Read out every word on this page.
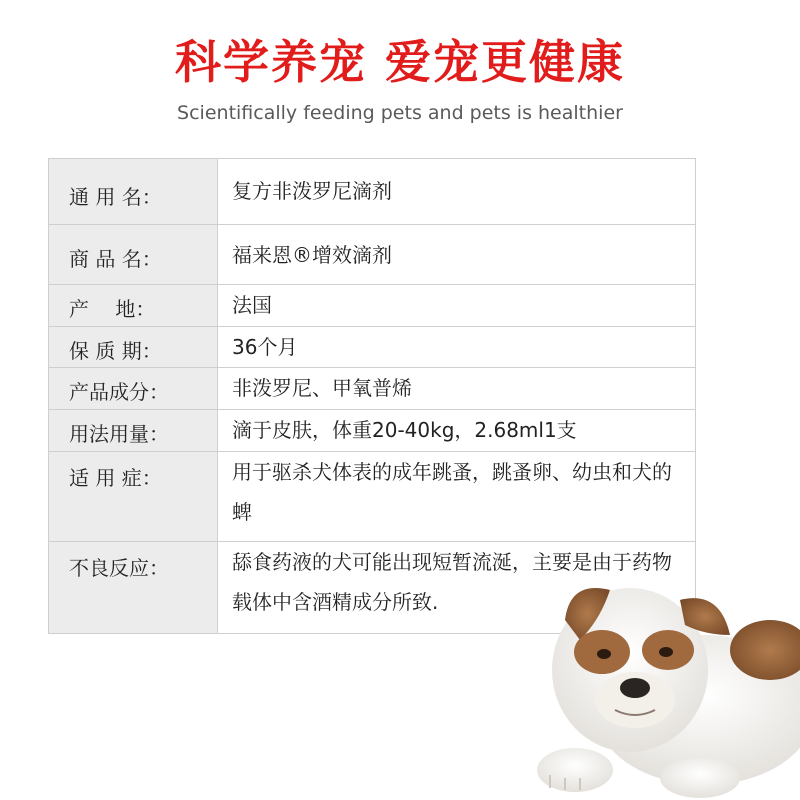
科学养宠 爱宠更健康
Scientifically feeding pets and pets is healthier
通 用 名：	复方非泼罗尼滴剂
商 品 名：	福来恩®增效滴剂
产　 地：	法国
保 质 期：	36个月
产品成分：	非泼罗尼、甲氧普烯
用法用量：	滴于皮肤，体重20-40kg，2.68ml1支
适 用 症：	用于驱杀犬体表的成年跳蚤，跳蚤卵、幼虫和犬的蜱
不良反应：	舔食药液的犬可能出现短暂流涎，主要是由于药物载体中含酒精成分所致.
